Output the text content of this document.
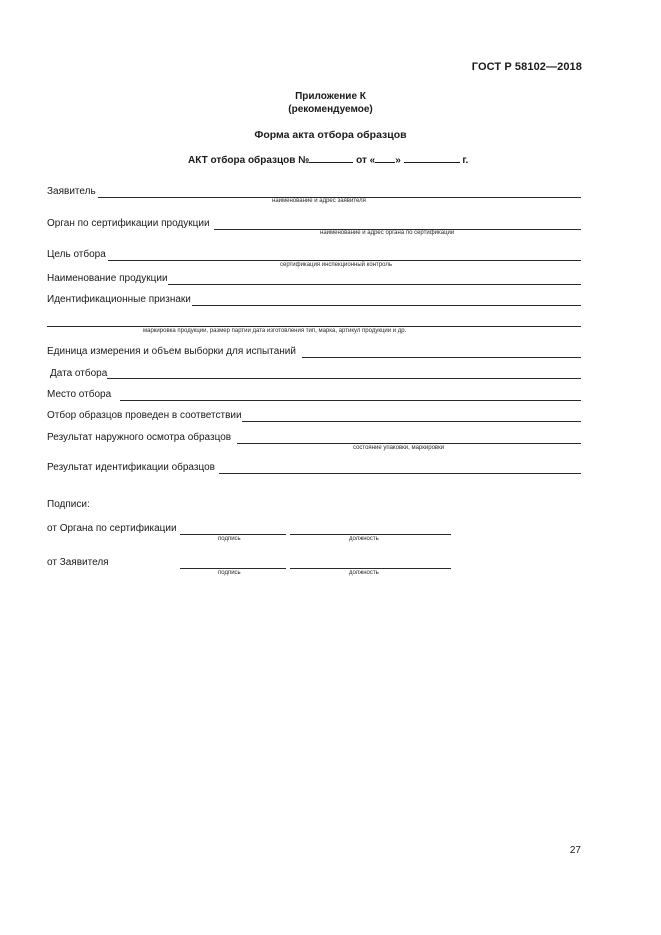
ГОСТ Р 58102—2018
Приложение К
(рекомендуемое)
Форма акта отбора образцов
АКТ отбора образцов №	от « »	г.
Заявитель
наименование и адрес заявителя
Орган по сертификации продукции
наименование и адрес органа по сертификации
Цель отбора
сертификация инспекционный контроль
Наименование продукции
Идентификационные признаки
маркировка продукции, размер партии дата изготовления тип, марка, артикул продукции и др.
Единица измерения и объем выборки для испытаний
Дата отбора
Место отбора
Отбор образцов проведен в соответствии
Результат наружного осмотра образцов
состояние упаковки, маркировки
Результат идентификации образцов
Подписи:
от Органа по сертификации
подпись	должность
от Заявителя
подпись	должность
27
